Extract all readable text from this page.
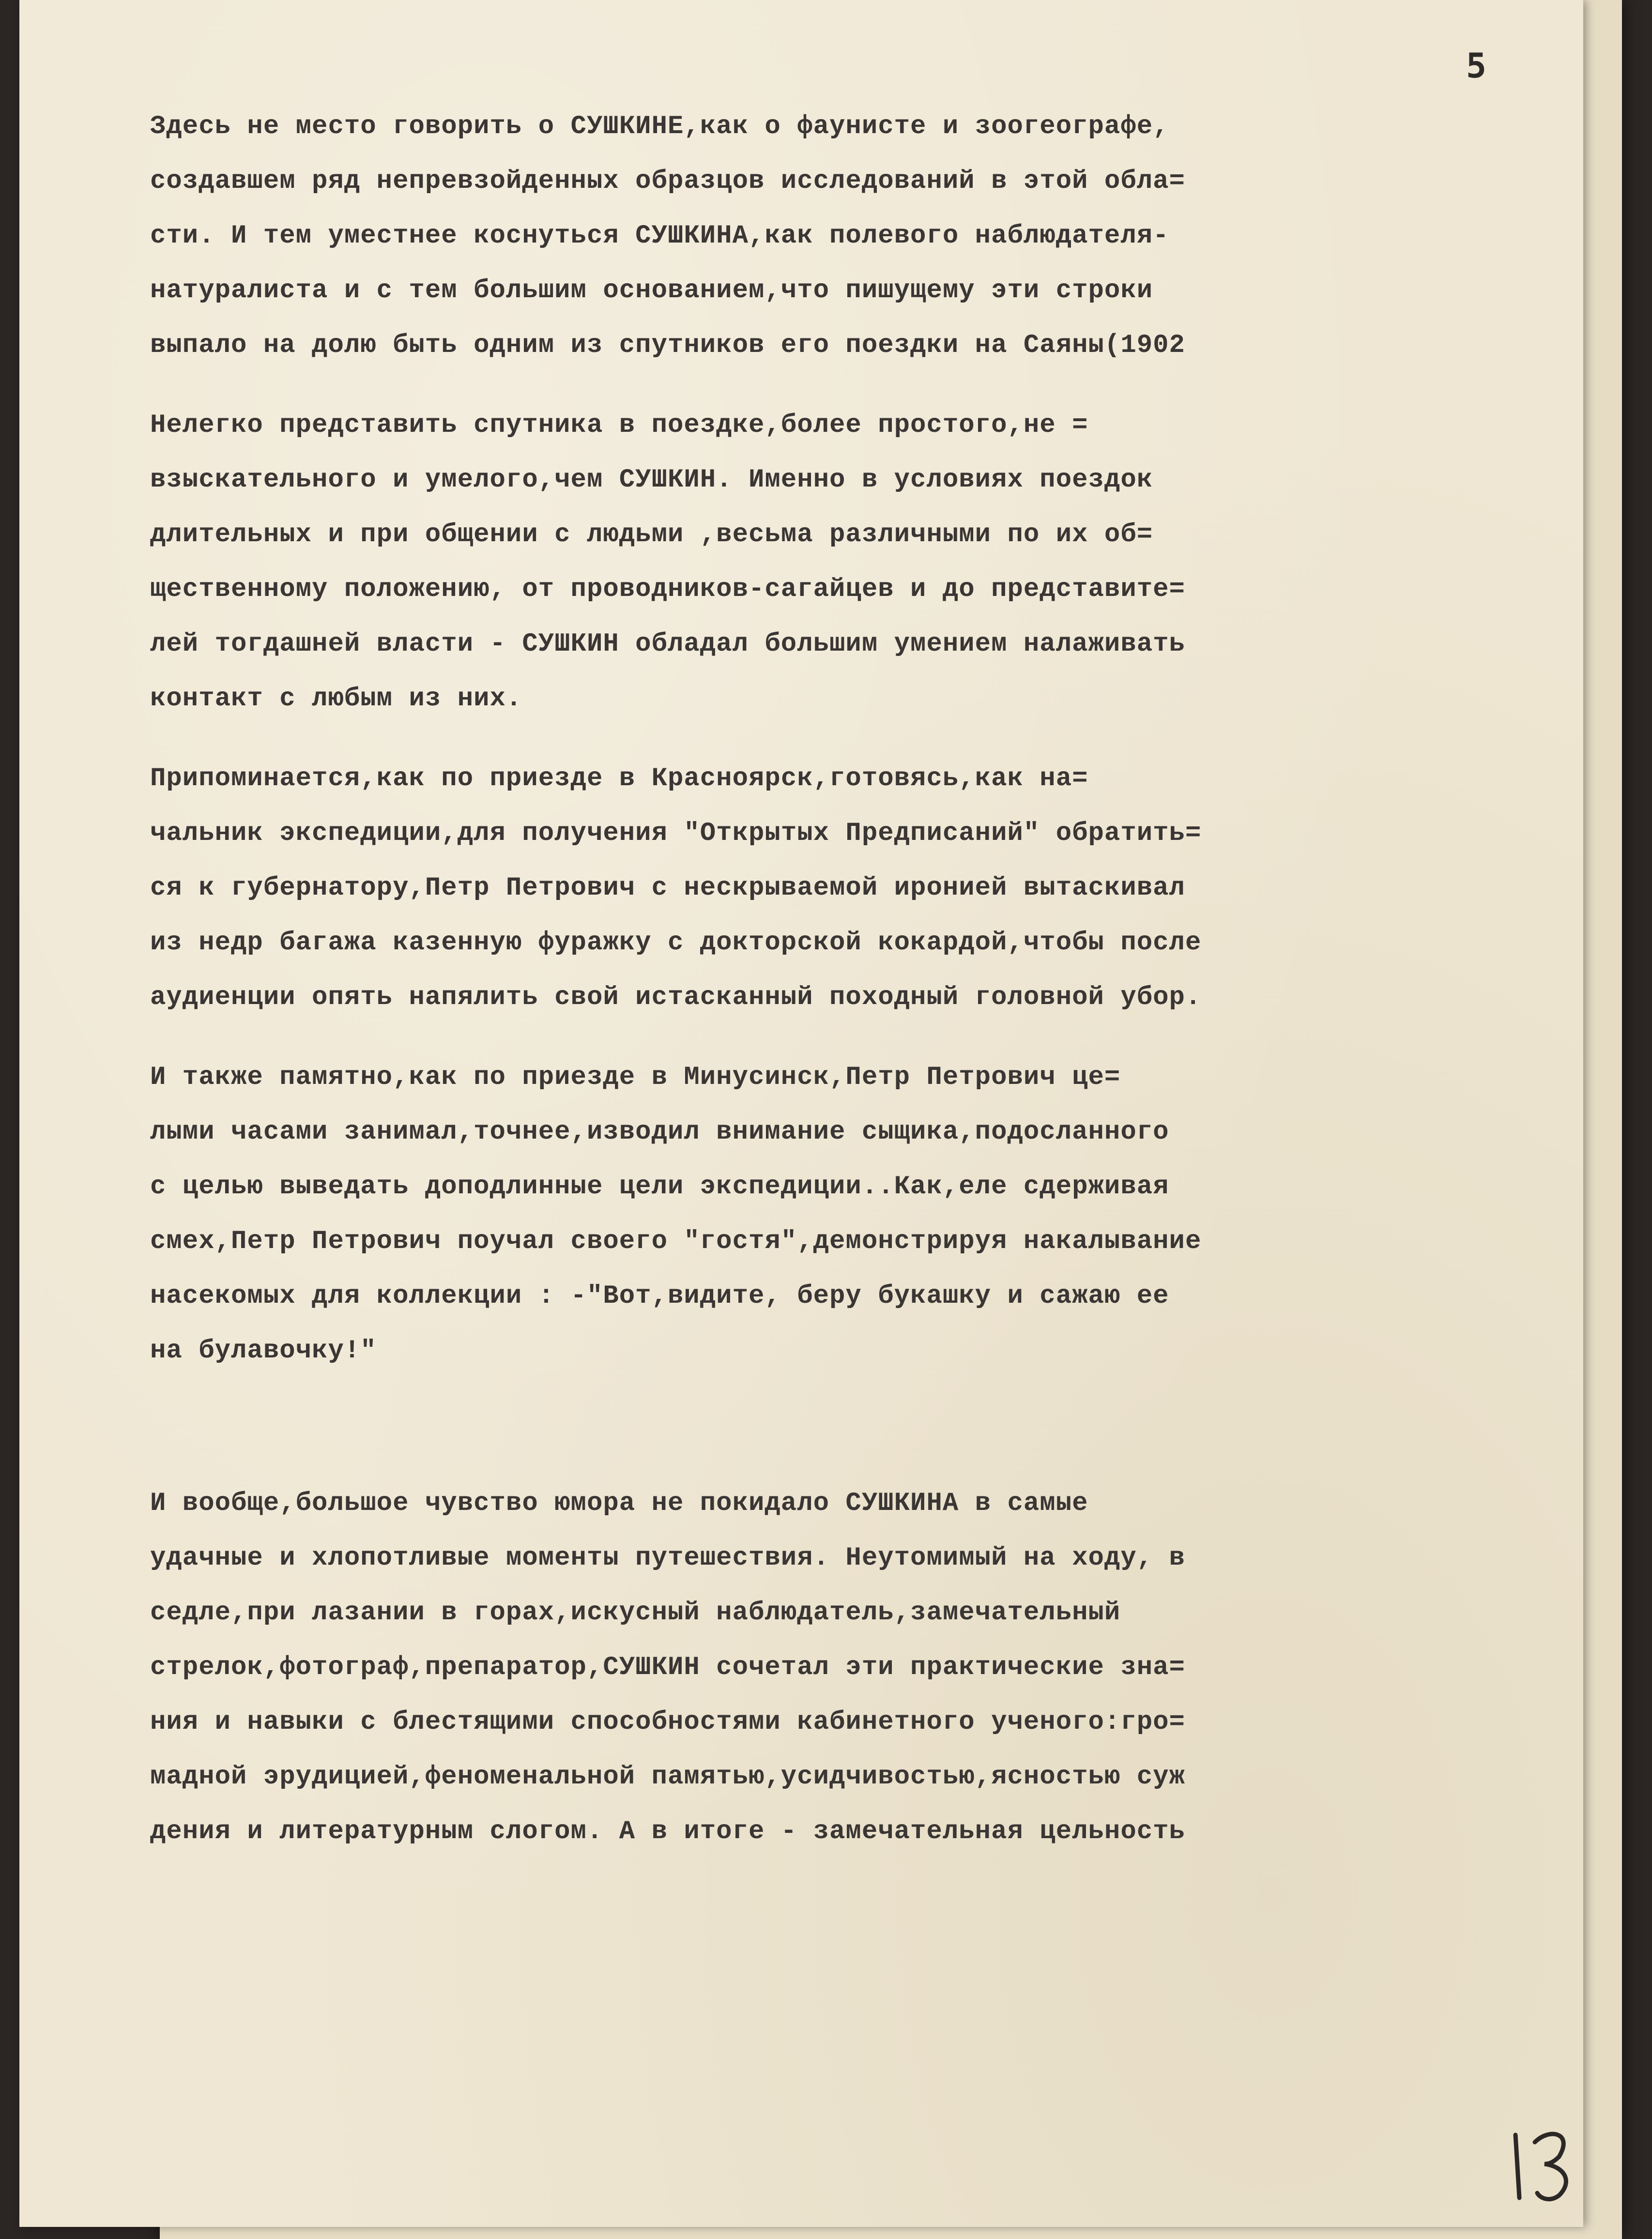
5
Здесь не место говорить о СУШКИНЕ,как о фаунисте и зоогеографе,
создавшем ряд непревзойденных образцов исследований в этой обла=
сти. И тем уместнее коснуться СУШКИНА,как полевого наблюдателя-
натуралиста и с тем большим основанием,что пишущему эти строки
выпало на долю быть одним из спутников его поездки на Саяны(1902
Нелегко представить спутника в поездке,более простого,не =
взыскательного и умелого,чем СУШКИН. Именно в условиях поездок
длительных и при общении с людьми ,весьма различными по их об=
щественному положению, от проводников-сагайцев и до представите=
лей тогдашней власти - СУШКИН обладал большим умением налаживать
контакт с любым из них.
Припоминается,как по приезде в Красноярск,готовясь,как на=
чальник экспедиции,для получения "Открытых Предписаний" обратить=
ся к губернатору,Петр Петрович с нескрываемой иронией вытаскивал
из недр багажа казенную фуражку с докторской кокардой,чтобы после
аудиенции опять напялить свой истасканный походный головной убор.
И также памятно,как по приезде в Минусинск,Петр Петрович це=
лыми часами занимал,точнее,изводил внимание сыщика,подосланного
с целью выведать доподлинные цели экспедиции..Как,еле сдерживая
смех,Петр Петрович поучал своего "гостя",демонстрируя накалывание
насекомых для коллекции : -"Вот,видите, беру букашку и сажаю ее
на булавочку!"
И вообще,большое чувство юмора не покидало СУШКИНА в самые
удачные и хлопотливые моменты путешествия. Неутомимый на ходу, в
седле,при лазании в горах,искусный наблюдатель,замечательный
стрелок,фотограф,препаратор,СУШКИН сочетал эти практические зна=
ния и навыки с блестящими способностями кабинетного ученого:гро=
мадной эрудицией,феноменальной памятью,усидчивостью,ясностью суж
дения и литературным слогом. А в итоге - замечательная цельность
